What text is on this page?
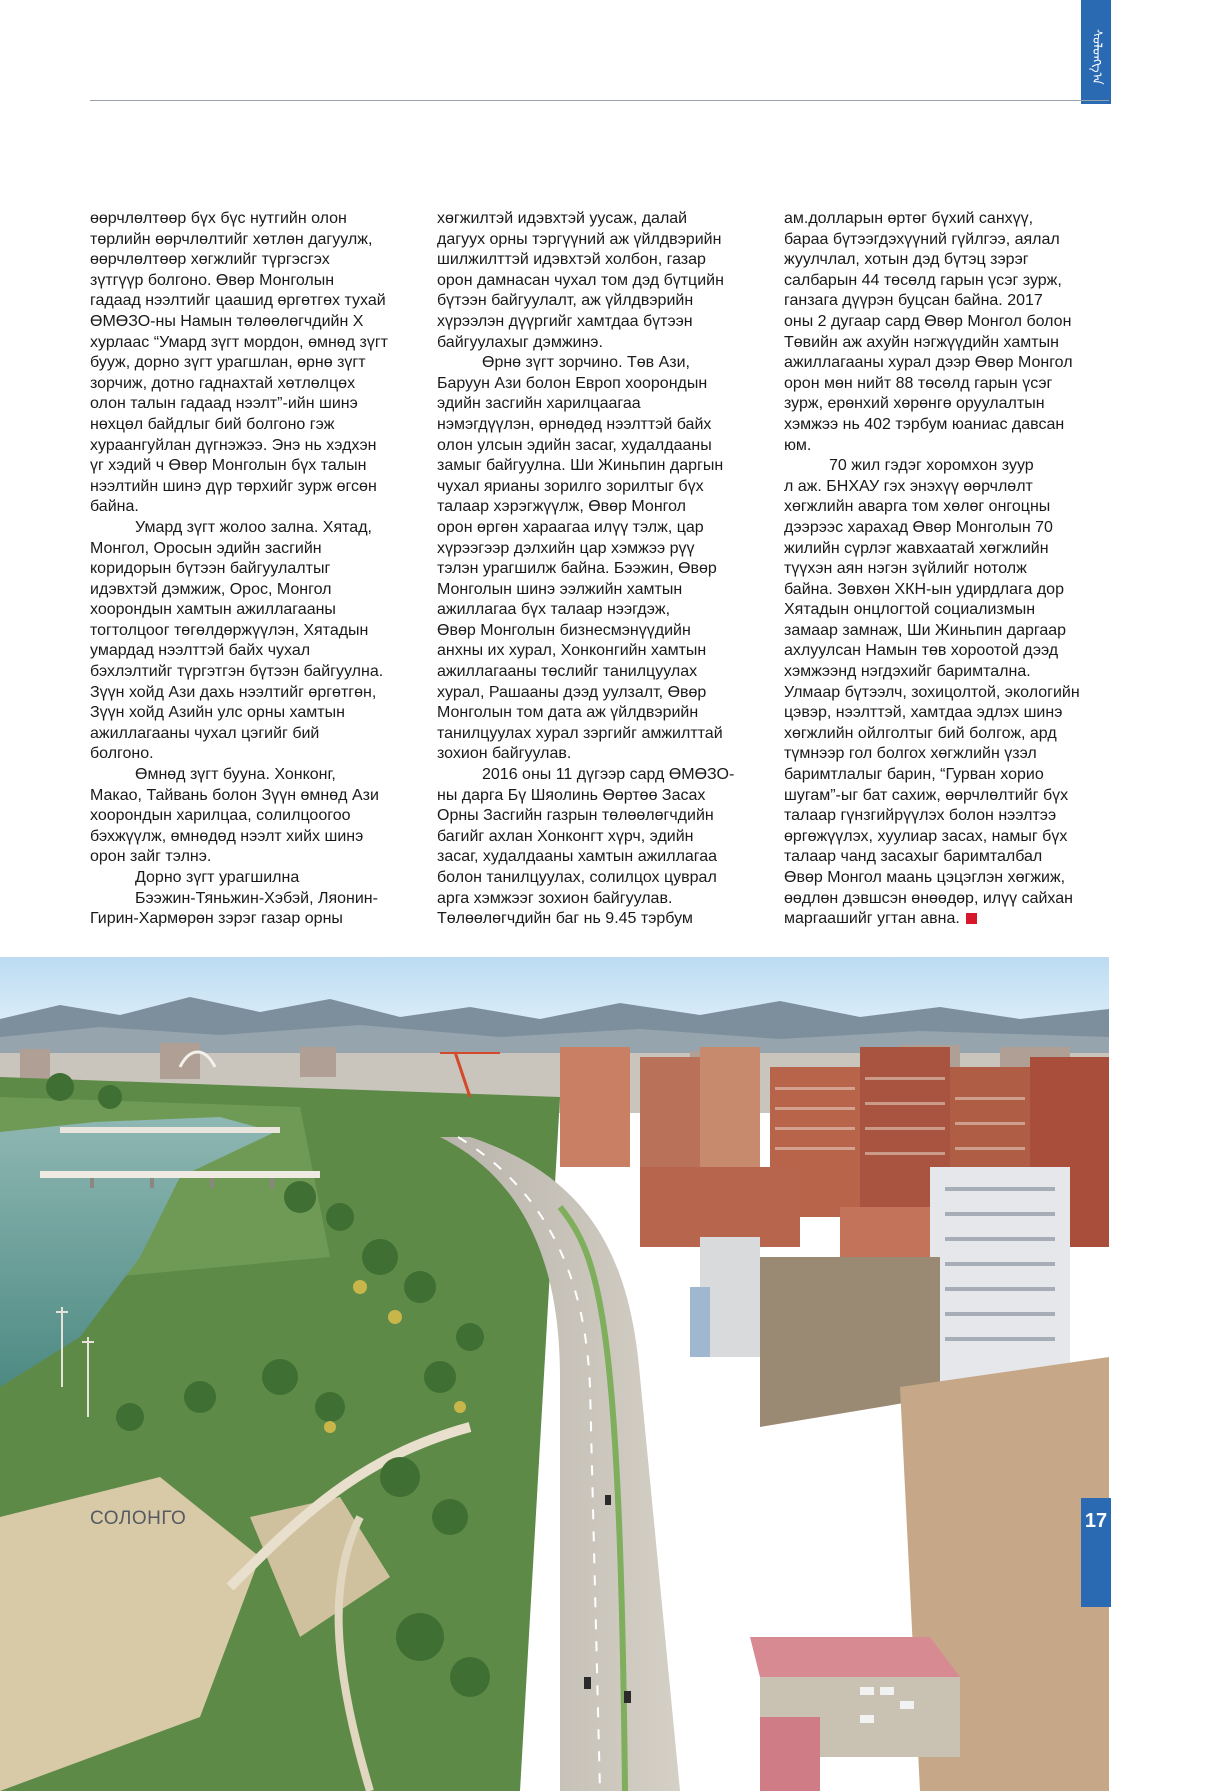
ᠰᠣᠯᠣᠩᠭ᠎ᠠ
өөрчлөлтөөр бүх бүс нутгийн олон
төрлийн өөрчлөлтийг хөтлөн дагуулж,
өөрчлөлтөөр хөгжлийг түргэсгэх
зүтгүүр болгоно. Өвөр Монголын
гадаад нээлтийг цаашид өргөтгөх тухай
ӨМӨЗО-ны Намын төлөөлөгчдийн X
хурлаас “Умард зүгт мордон, өмнөд зүгт
бууж, дорно зүгт урагшлан, өрнө зүгт
зорчиж, дотно гаднахтай хөтлөлцөх
олон талын гадаад нээлт”-ийн шинэ
нөхцөл байдлыг бий болгоно гэж
хураангуйлан дүгнэжээ. Энэ нь хэдхэн
үг хэдий ч Өвөр Монголын бүх талын
нээлтийн шинэ дүр төрхийг зурж өгсөн
байна.
Умард зүгт жолоо зална. Хятад,
Монгол, Оросын эдийн засгийн
коридорын бүтээн байгуулалтыг
идэвхтэй дэмжиж, Орос, Монгол
хоорондын хамтын ажиллагааны
тогтолцоог төгөлдөржүүлэн, Хятадын
умардад нээлттэй байх чухал
бэхлэлтийг түргэтгэн бүтээн байгуулна.
Зүүн хойд Ази дахь нээлтийг өргөтгөн,
Зүүн хойд Азийн улс орны хамтын
ажиллагааны чухал цэгийг бий
болгоно.
Өмнөд зүгт бууна. Хонконг,
Макао, Тайвань болон Зүүн өмнөд Ази
хоорондын харилцаа, солилцоогоо
бэхжүүлж, өмнөдөд нээлт хийх шинэ
орон зайг тэлнэ.
Дорно зүгт урагшилна
Бээжин-Тяньжин-Хэбэй, Ляонин-
Гирин-Хармөрөн зэрэг газар орны
хөгжилтэй идэвхтэй уусаж, далай
дагуух орны тэргүүний аж үйлдвэрийн
шилжилттэй идэвхтэй холбон, газар
орон дамнасан чухал том дэд бүтцийн
бүтээн байгуулалт, аж үйлдвэрийн
хүрээлэн дүүргийг хамтдаа бүтээн
байгуулахыг дэмжинэ.
Өрнө зүгт зорчино. Төв Ази,
Баруун Ази болон Европ хоорондын
эдийн засгийн харилцаагаа
нэмэгдүүлэн, өрнөдөд нээлттэй байх
олон улсын эдийн засаг, худалдааны
замыг байгуулна. Ши Жиньпин даргын
чухал ярианы зорилго зорилтыг бүх
талаар хэрэгжүүлж, Өвөр Монгол
орон өргөн хараагаа илүү тэлж, цар
хүрээгээр дэлхийн цар хэмжээ рүү
тэлэн урагшилж байна. Бээжин, Өвөр
Монголын шинэ ээлжийн хамтын
ажиллагаа бүх талаар нээгдэж,
Өвөр Монголын бизнесмэнүүдийн
анхны их хурал, Хонконгийн хамтын
ажиллагааны төслийг танилцуулах
хурал, Рашааны дээд уулзалт, Өвөр
Монголын том дата аж үйлдвэрийн
танилцуулах хурал зэргийг амжилттай
зохион байгуулав.
2016 оны 11 дүгээр сард ӨМӨЗО-
ны дарга Бү Шяолинь Өөртөө Засах
Орны Засгийн газрын төлөөлөгчдийн
багийг ахлан Хонконгт хүрч, эдийн
засаг, худалдааны хамтын ажиллагаа
болон танилцуулах, солилцох цуврал
арга хэмжээг зохион байгуулав.
Төлөөлөгчдийн баг нь 9.45 тэрбум
ам.долларын өртөг бүхий санхүү,
бараа бүтээгдэхүүний гүйлгээ, аялал
жуулчлал, хотын дэд бүтэц зэрэг
салбарын 44 төсөлд гарын үсэг зурж,
ганзага дүүрэн буцсан байна. 2017
оны 2 дугаар сард Өвөр Монгол болон
Төвийн аж ахуйн нэгжүүдийн хамтын
ажиллагааны хурал дээр Өвөр Монгол
орон мөн нийт 88 төсөлд гарын үсэг
зурж, ерөнхий хөрөнгө оруулалтын
хэмжээ нь 402 тэрбум юаниас давсан
юм.
70 жил гэдэг хоромхон зуур
л аж. БНХАУ гэх энэхүү өөрчлөлт
хөгжлийн аварга том хөлөг онгоцны
дээрээс харахад Өвөр Монголын 70
жилийн сүрлэг жавхаатай хөгжлийн
түүхэн аян нэгэн зүйлийг нотолж
байна. Зөвхөн ХКН-ын удирдлага дор
Хятадын онцлогтой социализмын
замаар замнаж, Ши Жиньпин даргаар
ахлуулсан Намын төв хороотой дээд
хэмжээнд нэгдэхийг баримтална.
Улмаар бүтээлч, зохицолтой, экологийн
цэвэр, нээлттэй, хамтдаа эдлэх шинэ
хөгжлийн ойлголтыг бий болгож, ард
түмнээр гол болгох хөгжлийн үзэл
баримтлалыг барин, “Гурван хорио
шугам”-ыг бат сахиж, өөрчлөлтийг бүх
талаар гүнзгийрүүлэх болон нээлтээ
өргөжүүлэх, хуулиар засах, намыг бүх
талаар чанд засахыг баримталбал
Өвөр Монгол маань цэцэглэн хөгжиж,
өөдлөн дэвшсэн өнөөдөр, илүү сайхан
маргаашийг угтан авна.
СОЛОНГО	17
